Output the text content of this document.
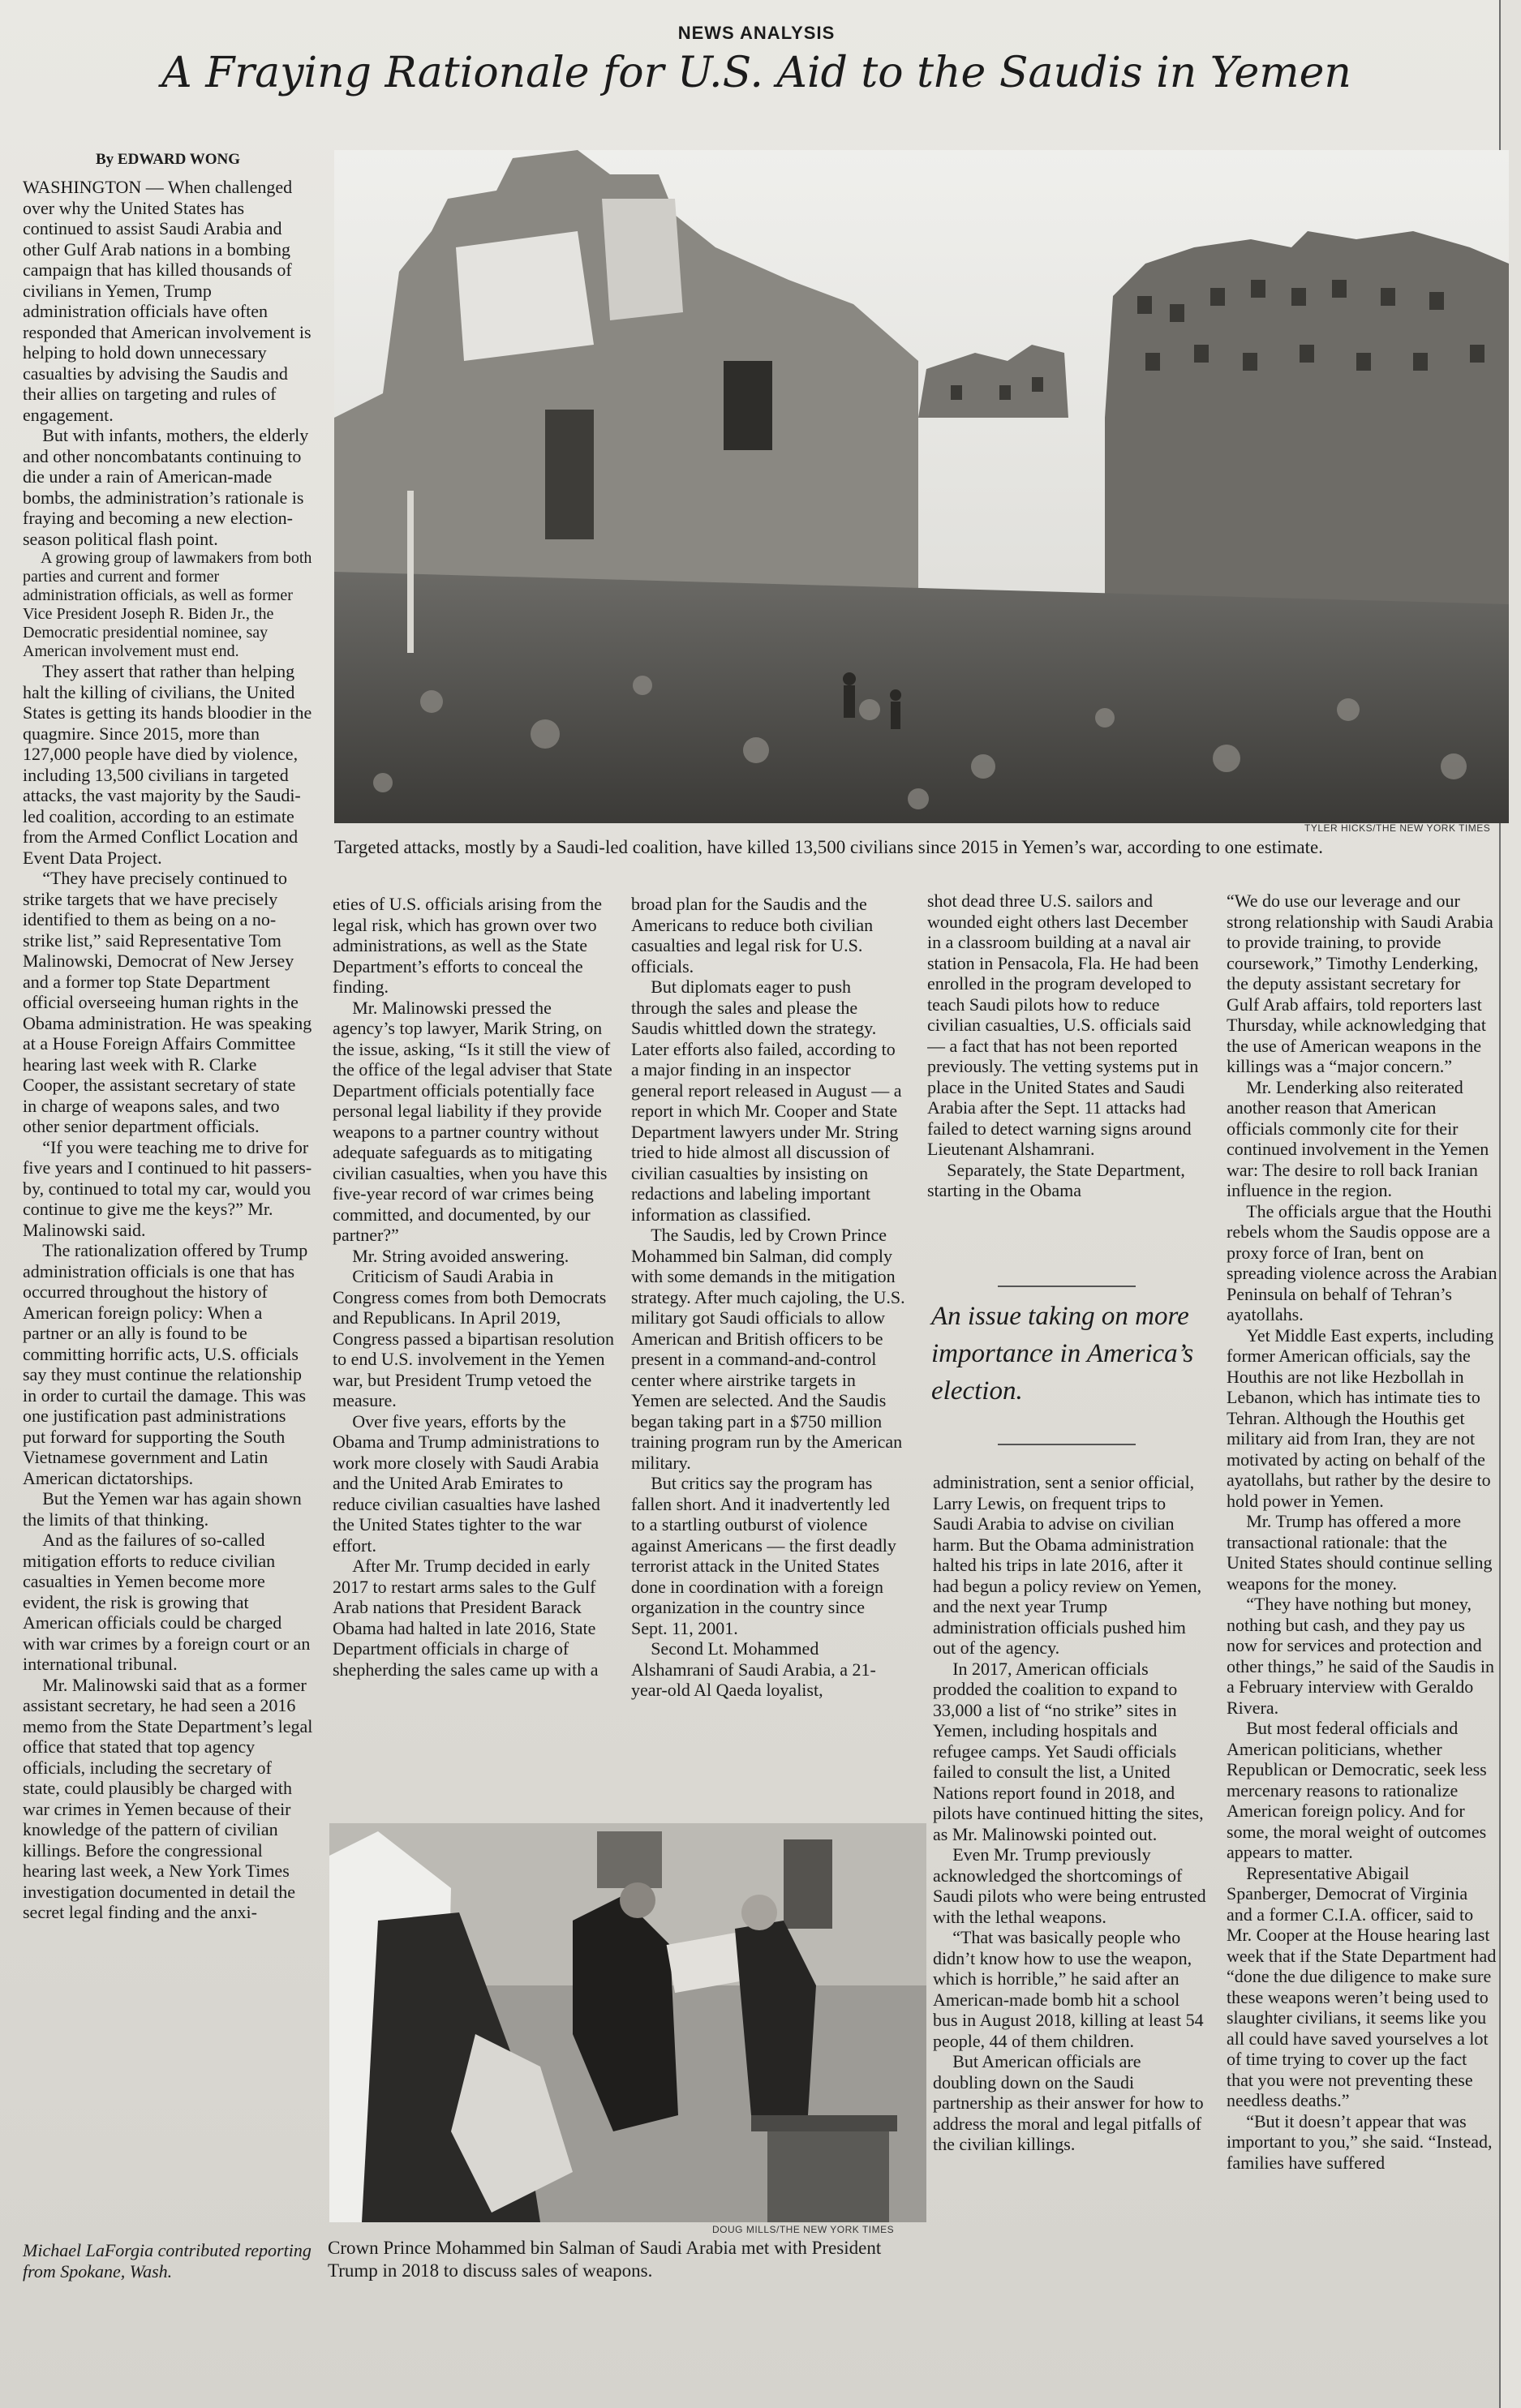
NEWS ANALYSIS
A Fraying Rationale for U.S. Aid to the Saudis in Yemen
By EDWARD WONG
TYLER HICKS/THE NEW YORK TIMES
Targeted attacks, mostly by a Saudi-led coalition, have killed 13,500 civilians since 2015 in Yemen’s war, according to one estimate.

WASHINGTON — When challenged over why the United States has continued to assist Saudi Arabia and other Gulf Arab nations in a bombing campaign that has killed thousands of civilians in Yemen, Trump administration officials have often responded that American involvement is helping to hold down unnecessary casualties by advising the Saudis and their allies on targeting and rules of engagement.

But with infants, mothers, the elderly and other noncombatants continuing to die under a rain of American-made bombs, the administration’s rationale is fraying and becoming a new election-season political flash point.

A growing group of lawmakers from both parties and current and former administration officials, as well as former Vice President Joseph R. Biden Jr., the Democratic presidential nominee, say American involvement must end.

They assert that rather than helping halt the killing of civilians, the United States is getting its hands bloodier in the quagmire. Since 2015, more than 127,000 people have died by violence, including 13,500 civilians in targeted attacks, the vast majority by the Saudi-led coalition, according to an estimate from the Armed Conflict Location and Event Data Project.

“They have precisely continued to strike targets that we have precisely identified to them as being on a no-strike list,” said Representative Tom Malinowski, Democrat of New Jersey and a former top State Department official overseeing human rights in the Obama administration. He was speaking at a House Foreign Affairs Committee hearing last week with R. Clarke Cooper, the assistant secretary of state in charge of weapons sales, and two other senior department officials.

“If you were teaching me to drive for five years and I continued to hit passers-by, continued to total my car, would you continue to give me the keys?” Mr. Malinowski said.

The rationalization offered by Trump administration officials is one that has occurred throughout the history of American foreign policy: When a partner or an ally is found to be committing horrific acts, U.S. officials say they must continue the relationship in order to curtail the damage. This was one justification past administrations put forward for supporting the South Vietnamese government and Latin American dictatorships.

But the Yemen war has again shown the limits of that thinking.

And as the failures of so-called mitigation efforts to reduce civilian casualties in Yemen become more evident, the risk is growing that American officials could be charged with war crimes by a foreign court or an international tribunal.

Mr. Malinowski said that as a former assistant secretary, he had seen a 2016 memo from the State Department’s legal office that stated that top agency officials, including the secretary of state, could plausibly be charged with war crimes in Yemen because of their knowledge of the pattern of civilian killings. Before the congressional hearing last week, a New York Times investigation documented in detail the secret legal finding and the anxi-

Michael LaForgia contributed reporting from Spokane, Wash.

eties of U.S. officials arising from the legal risk, which has grown over two administrations, as well as the State Department’s efforts to conceal the finding.

Mr. Malinowski pressed the agency’s top lawyer, Marik String, on the issue, asking, “Is it still the view of the office of the legal adviser that State Department officials potentially face personal legal liability if they provide weapons to a partner country without adequate safeguards as to mitigating civilian casualties, when you have this five-year record of war crimes being committed, and documented, by our partner?”

Mr. String avoided answering.

Criticism of Saudi Arabia in Congress comes from both Democrats and Republicans. In April 2019, Congress passed a bipartisan resolution to end U.S. involvement in the Yemen war, but President Trump vetoed the measure.

Over five years, efforts by the Obama and Trump administrations to work more closely with Saudi Arabia and the United Arab Emirates to reduce civilian casualties have lashed the United States tighter to the war effort.

After Mr. Trump decided in early 2017 to restart arms sales to the Gulf Arab nations that President Barack Obama had halted in late 2016, State Department officials in charge of shepherding the sales came up with a

broad plan for the Saudis and the Americans to reduce both civilian casualties and legal risk for U.S. officials.

But diplomats eager to push through the sales and please the Saudis whittled down the strategy. Later efforts also failed, according to a major finding in an inspector general report released in August — a report in which Mr. Cooper and State Department lawyers under Mr. String tried to hide almost all discussion of civilian casualties by insisting on redactions and labeling important information as classified.

The Saudis, led by Crown Prince Mohammed bin Salman, did comply with some demands in the mitigation strategy. After much cajoling, the U.S. military got Saudi officials to allow American and British officers to be present in a command-and-control center where airstrike targets in Yemen are selected. And the Saudis began taking part in a $750 million training program run by the American military.

But critics say the program has fallen short. And it inadvertently led to a startling outburst of violence against Americans — the first deadly terrorist attack in the United States done in coordination with a foreign organization in the country since Sept. 11, 2001.

Second Lt. Mohammed Alshamrani of Saudi Arabia, a 21-year-old Al Qaeda loyalist,

DOUG MILLS/THE NEW YORK TIMES
Crown Prince Mohammed bin Salman of Saudi Arabia met with President Trump in 2018 to discuss sales of weapons.

shot dead three U.S. sailors and wounded eight others last December in a classroom building at a naval air station in Pensacola, Fla. He had been enrolled in the program developed to teach Saudi pilots how to reduce civilian casualties, U.S. officials said — a fact that has not been reported previously. The vetting systems put in place in the United States and Saudi Arabia after the Sept. 11 attacks had failed to detect warning signs around Lieutenant Alshamrani.

Separately, the State Department, starting in the Obama

An issue taking on more importance in America’s election.

administration, sent a senior official, Larry Lewis, on frequent trips to Saudi Arabia to advise on civilian harm. But the Obama administration halted his trips in late 2016, after it had begun a policy review on Yemen, and the next year Trump administration officials pushed him out of the agency.

In 2017, American officials prodded the coalition to expand to 33,000 a list of “no strike” sites in Yemen, including hospitals and refugee camps. Yet Saudi officials failed to consult the list, a United Nations report found in 2018, and pilots have continued hitting the sites, as Mr. Malinowski pointed out.

Even Mr. Trump previously acknowledged the shortcomings of Saudi pilots who were being entrusted with the lethal weapons.

“That was basically people who didn’t know how to use the weapon, which is horrible,” he said after an American-made bomb hit a school bus in August 2018, killing at least 54 people, 44 of them children.

But American officials are doubling down on the Saudi partnership as their answer for how to address the moral and legal pitfalls of the civilian killings.

“We do use our leverage and our strong relationship with Saudi Arabia to provide training, to provide coursework,” Timothy Lenderking, the deputy assistant secretary for Gulf Arab affairs, told reporters last Thursday, while acknowledging that the use of American weapons in the killings was a “major concern.”

Mr. Lenderking also reiterated another reason that American officials commonly cite for their continued involvement in the Yemen war: The desire to roll back Iranian influence in the region.

The officials argue that the Houthi rebels whom the Saudis oppose are a proxy force of Iran, bent on spreading violence across the Arabian Peninsula on behalf of Tehran’s ayatollahs.

Yet Middle East experts, including former American officials, say the Houthis are not like Hezbollah in Lebanon, which has intimate ties to Tehran. Although the Houthis get military aid from Iran, they are not motivated by acting on behalf of the ayatollahs, but rather by the desire to hold power in Yemen.

Mr. Trump has offered a more transactional rationale: that the United States should continue selling weapons for the money.

“They have nothing but money, nothing but cash, and they pay us now for services and protection and other things,” he said of the Saudis in a February interview with Geraldo Rivera.

But most federal officials and American politicians, whether Republican or Democratic, seek less mercenary reasons to rationalize American foreign policy. And for some, the moral weight of outcomes appears to matter.

Representative Abigail Spanberger, Democrat of Virginia and a former C.I.A. officer, said to Mr. Cooper at the House hearing last week that if the State Department had “done the due diligence to make sure these weapons weren’t being used to slaughter civilians, it seems like you all could have saved yourselves a lot of time trying to cover up the fact that you were not preventing these needless deaths.”

“But it doesn’t appear that was important to you,” she said. “Instead, families have suffered
